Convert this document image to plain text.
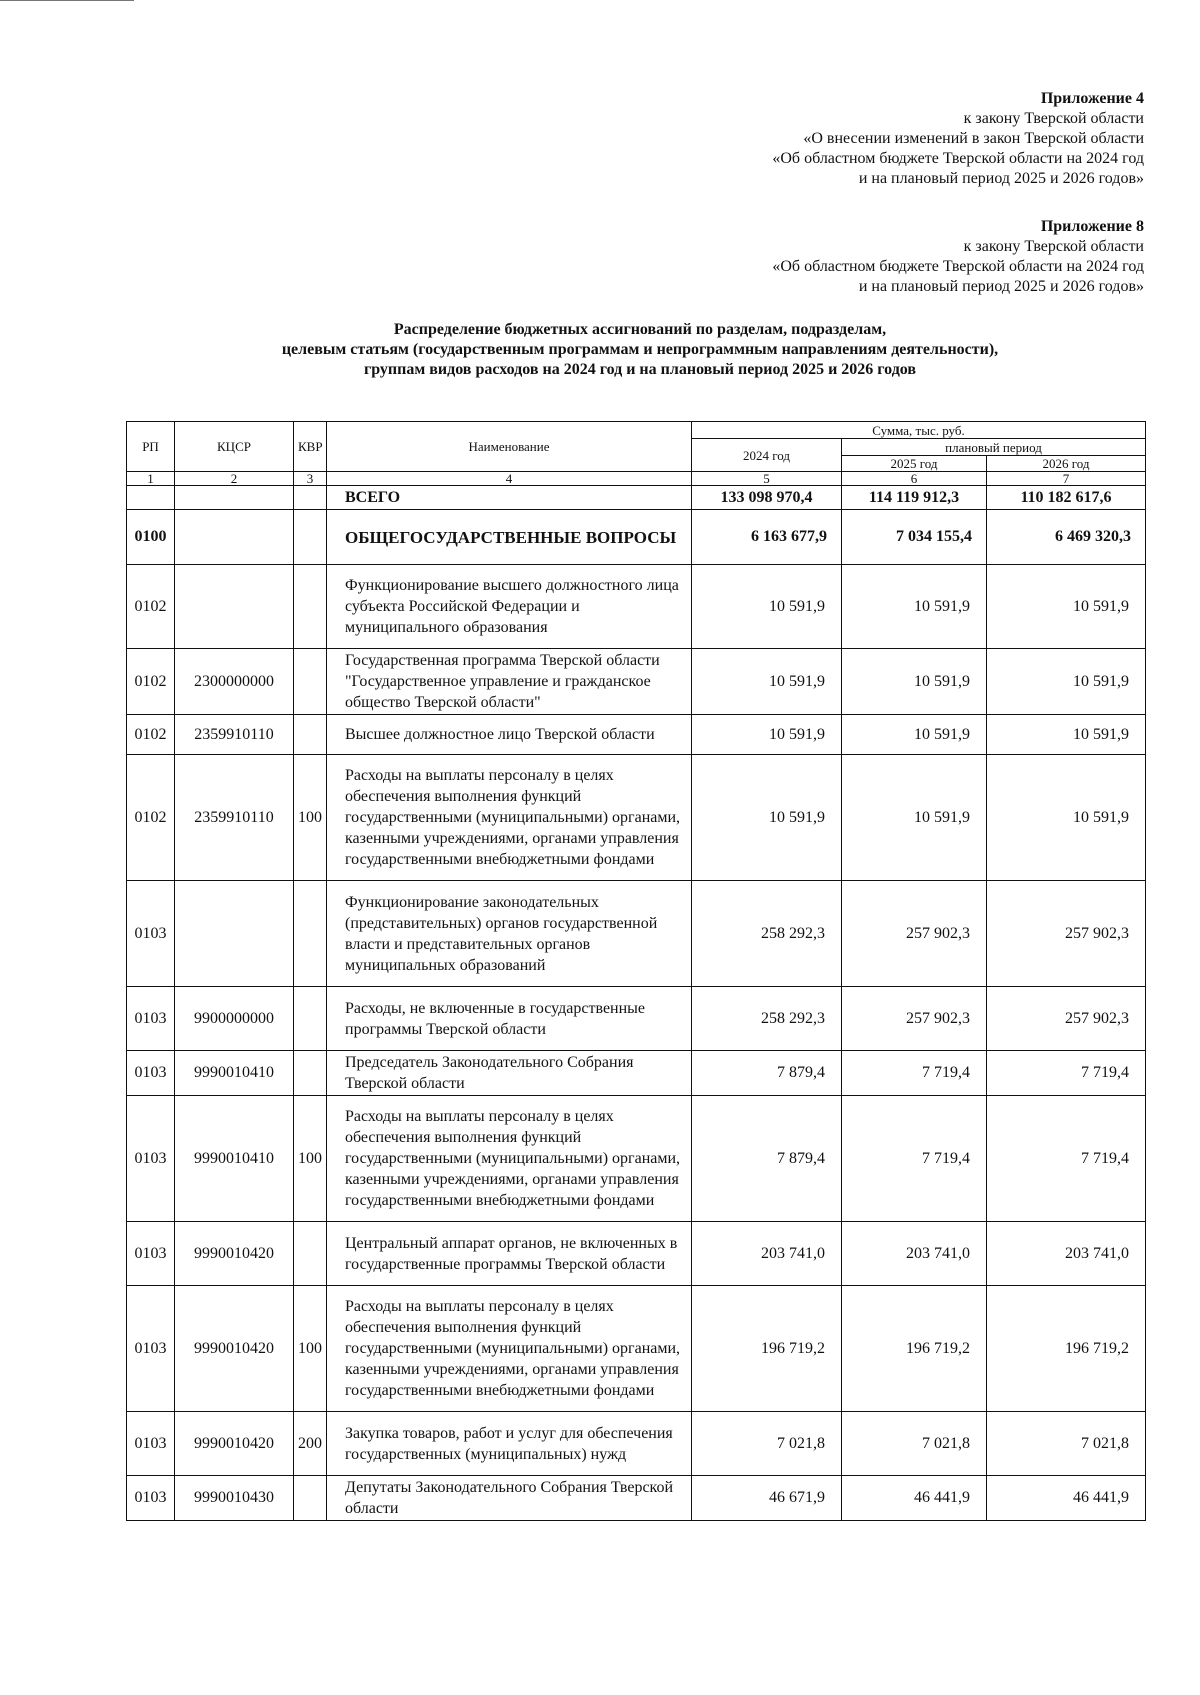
Приложение 4
к закону Тверской области
«О внесении изменений в закон Тверской области
«Об областном бюджете Тверской области на 2024 год
и на плановый период 2025 и 2026 годов»
Приложение 8
к закону Тверской области
«Об областном бюджете Тверской области на 2024 год
и на плановый период 2025 и 2026 годов»
Распределение бюджетных ассигнований по разделам, подразделам,
целевым статьям (государственным программам и непрограммным направлениям деятельности),
группам видов расходов на 2024 год и на плановый период 2025 и 2026 годов
РП	КЦСР	КВР	Наименование	Сумма, тыс. руб.		
				2024 год	плановый период	
					2025 год	2026 год
1	2	3	4	5	6	7
			ВСЕГО	133 098 970,4	114 119 912,3	110 182 617,6
0100			ОБЩЕГОСУДАРСТВЕННЫЕ ВОПРОСЫ	6 163 677,9	7 034 155,4	6 469 320,3
0102			Функционирование высшего должностного лица субъекта Российской Федерации и муниципального образования	10 591,9	10 591,9	10 591,9
0102	2300000000		Государственная программа Тверской области "Государственное управление и гражданское общество Тверской области"	10 591,9	10 591,9	10 591,9
0102	2359910110		Высшее должностное лицо Тверской области	10 591,9	10 591,9	10 591,9
0102	2359910110	100	Расходы на выплаты персоналу в целях обеспечения выполнения функций государственными (муниципальными) органами, казенными учреждениями, органами управления государственными внебюджетными фондами	10 591,9	10 591,9	10 591,9
0103			Функционирование законодательных (представительных) органов государственной власти и представительных органов муниципальных образований	258 292,3	257 902,3	257 902,3
0103	9900000000		Расходы, не включенные в государственные программы Тверской области	258 292,3	257 902,3	257 902,3
0103	9990010410		Председатель Законодательного Собрания Тверской области	7 879,4	7 719,4	7 719,4
0103	9990010410	100	Расходы на выплаты персоналу в целях обеспечения выполнения функций государственными (муниципальными) органами, казенными учреждениями, органами управления государственными внебюджетными фондами	7 879,4	7 719,4	7 719,4
0103	9990010420		Центральный аппарат органов, не включенных в государственные программы Тверской области	203 741,0	203 741,0	203 741,0
0103	9990010420	100	Расходы на выплаты персоналу в целях обеспечения выполнения функций государственными (муниципальными) органами, казенными учреждениями, органами управления государственными внебюджетными фондами	196 719,2	196 719,2	196 719,2
0103	9990010420	200	Закупка товаров, работ и услуг для обеспечения государственных (муниципальных) нужд	7 021,8	7 021,8	7 021,8
0103	9990010430		Депутаты Законодательного Собрания Тверской области	46 671,9	46 441,9	46 441,9
